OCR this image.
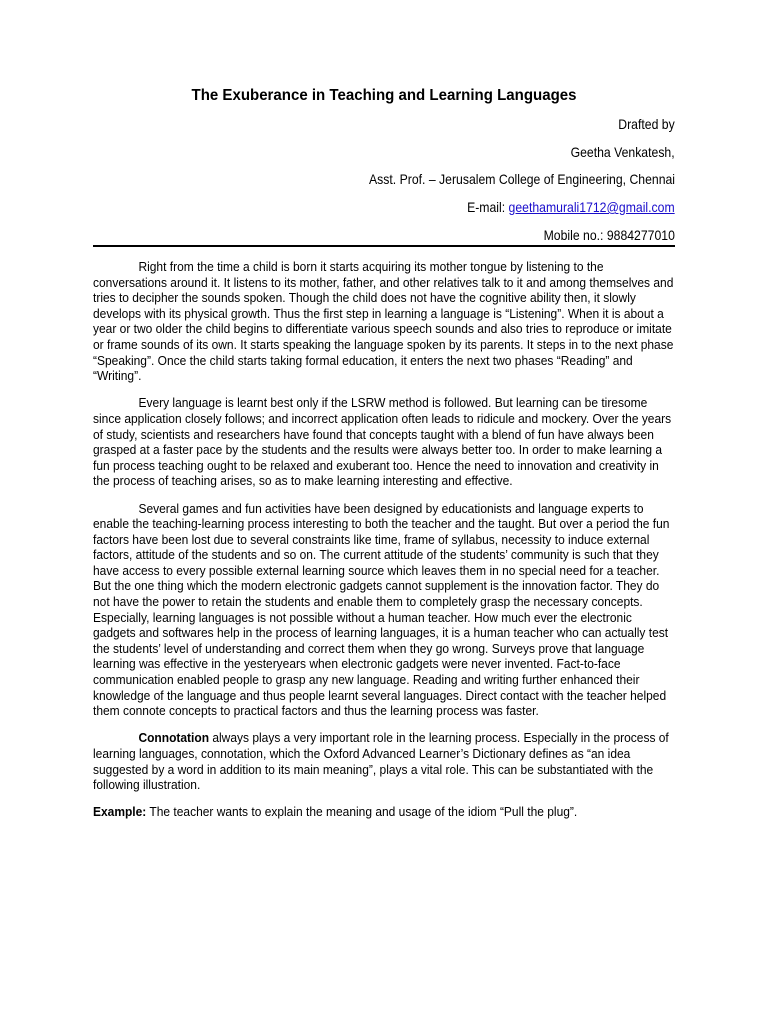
The Exuberance in Teaching and Learning Languages
Drafted by
Geetha Venkatesh,
Asst. Prof. – Jerusalem College of Engineering, Chennai
E-mail: geethamurali1712@gmail.com
Mobile no.: 9884277010

Right from the time a child is born it starts acquiring its mother tongue by listening to the conversations around it. It listens to its mother, father, and other relatives talk to it and among themselves and tries to decipher the sounds spoken. Though the child does not have the cognitive ability then, it slowly develops with its physical growth. Thus the first step in learning a language is “Listening”. When it is about a year or two older the child begins to differentiate various speech sounds and also tries to reproduce or imitate or frame sounds of its own. It starts speaking the language spoken by its parents. It steps in to the next phase “Speaking”. Once the child starts taking formal education, it enters the next two phases “Reading” and “Writing”.

Every language is learnt best only if the LSRW method is followed. But learning can be tiresome since application closely follows; and incorrect application often leads to ridicule and mockery. Over the years of study, scientists and researchers have found that concepts taught with a blend of fun have always been grasped at a faster pace by the students and the results were always better too. In order to make learning a fun process teaching ought to be relaxed and exuberant too. Hence the need to innovation and creativity in the process of teaching arises, so as to make learning interesting and effective.

Several games and fun activities have been designed by educationists and language experts to enable the teaching-learning process interesting to both the teacher and the taught. But over a period the fun factors have been lost due to several constraints like time, frame of syllabus, necessity to induce external factors, attitude of the students and so on. The current attitude of the students’ community is such that they have access to every possible external learning source which leaves them in no special need for a teacher. But the one thing which the modern electronic gadgets cannot supplement is the innovation factor. They do not have the power to retain the students and enable them to completely grasp the necessary concepts. Especially, learning languages is not possible without a human teacher. How much ever the electronic gadgets and softwares help in the process of learning languages, it is a human teacher who can actually test the students’ level of understanding and correct them when they go wrong. Surveys prove that language learning was effective in the yesteryears when electronic gadgets were never invented. Fact-to-face communication enabled people to grasp any new language. Reading and writing further enhanced their knowledge of the language and thus people learnt several languages. Direct contact with the teacher helped them connote concepts to practical factors and thus the learning process was faster.

Connotation always plays a very important role in the learning process. Especially in the process of learning languages, connotation, which the Oxford Advanced Learner’s Dictionary defines as “an idea suggested by a word in addition to its main meaning”, plays a vital role. This can be substantiated with the following illustration.

Example: The teacher wants to explain the meaning and usage of the idiom “Pull the plug”.
